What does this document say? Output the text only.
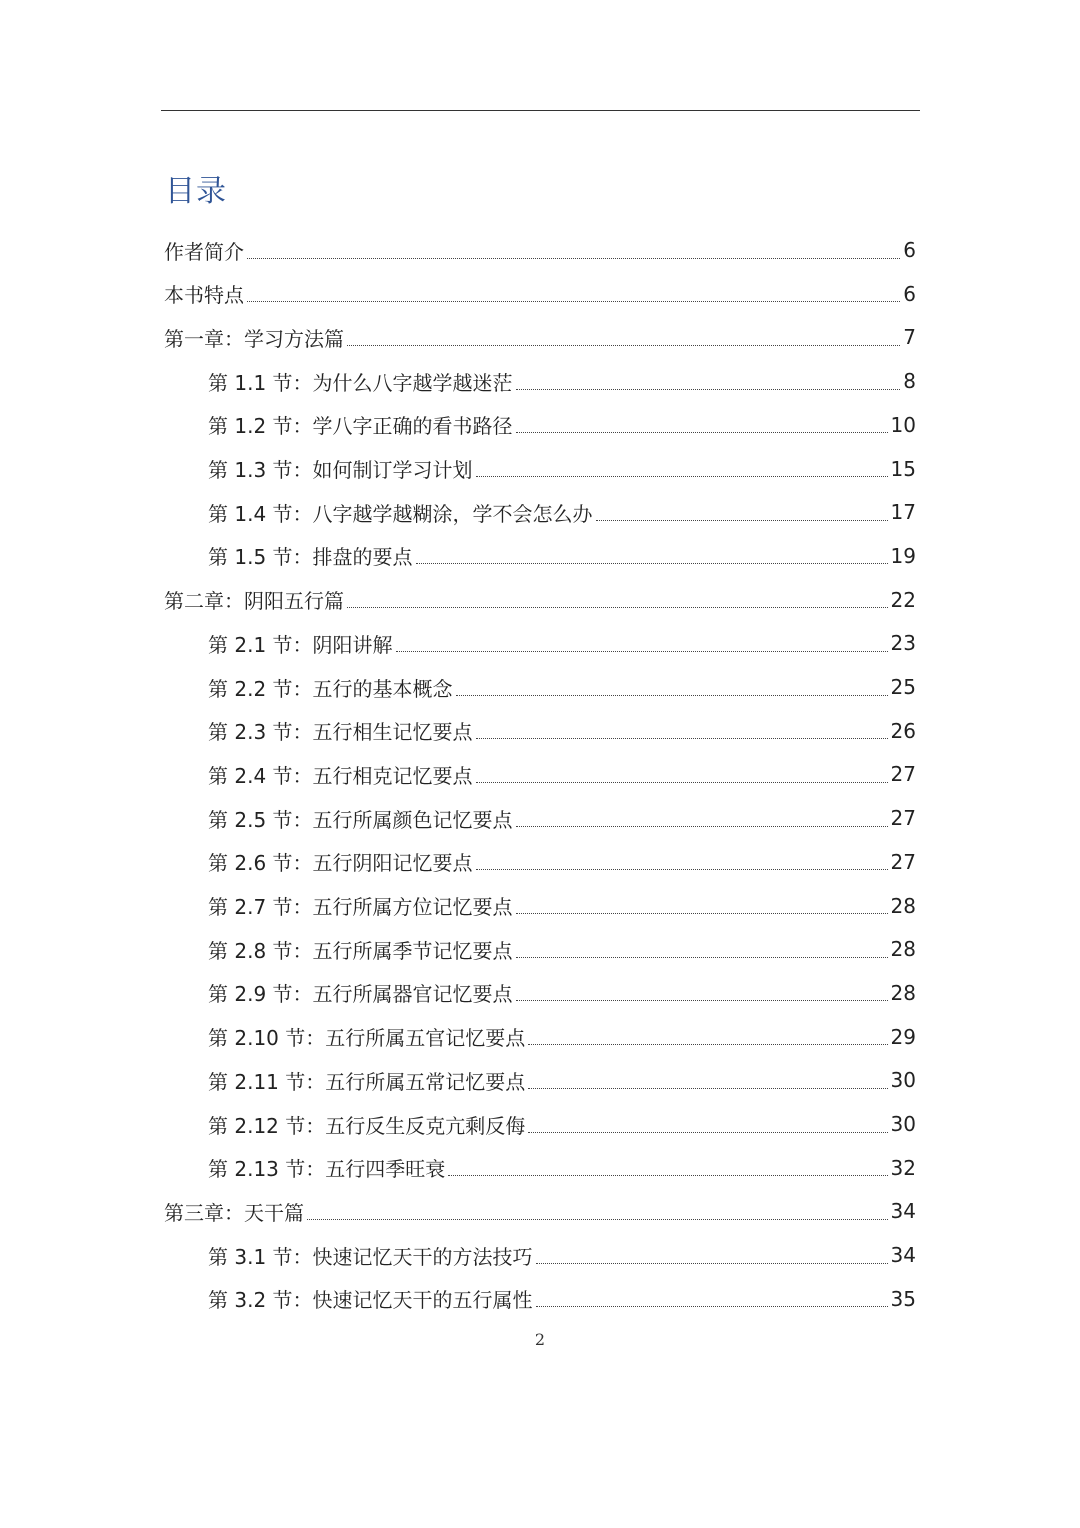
目录
作者简介	6
本书特点	6
第一章：学习方法篇	7
第 1.1 节：为什么八字越学越迷茫	8
第 1.2 节：学八字正确的看书路径	10
第 1.3 节：如何制订学习计划	15
第 1.4 节：八字越学越糊涂，学不会怎么办	17
第 1.5 节：排盘的要点	19
第二章：阴阳五行篇	22
第 2.1 节：阴阳讲解	23
第 2.2 节：五行的基本概念	25
第 2.3 节：五行相生记忆要点	26
第 2.4 节：五行相克记忆要点	27
第 2.5 节：五行所属颜色记忆要点	27
第 2.6 节：五行阴阳记忆要点	27
第 2.7 节：五行所属方位记忆要点	28
第 2.8 节：五行所属季节记忆要点	28
第 2.9 节：五行所属器官记忆要点	28
第 2.10 节：五行所属五官记忆要点	29
第 2.11 节：五行所属五常记忆要点	30
第 2.12 节：五行反生反克亢剩反侮	30
第 2.13 节：五行四季旺衰	32
第三章：天干篇	34
第 3.1 节：快速记忆天干的方法技巧	34
第 3.2 节：快速记忆天干的五行属性	35
2
